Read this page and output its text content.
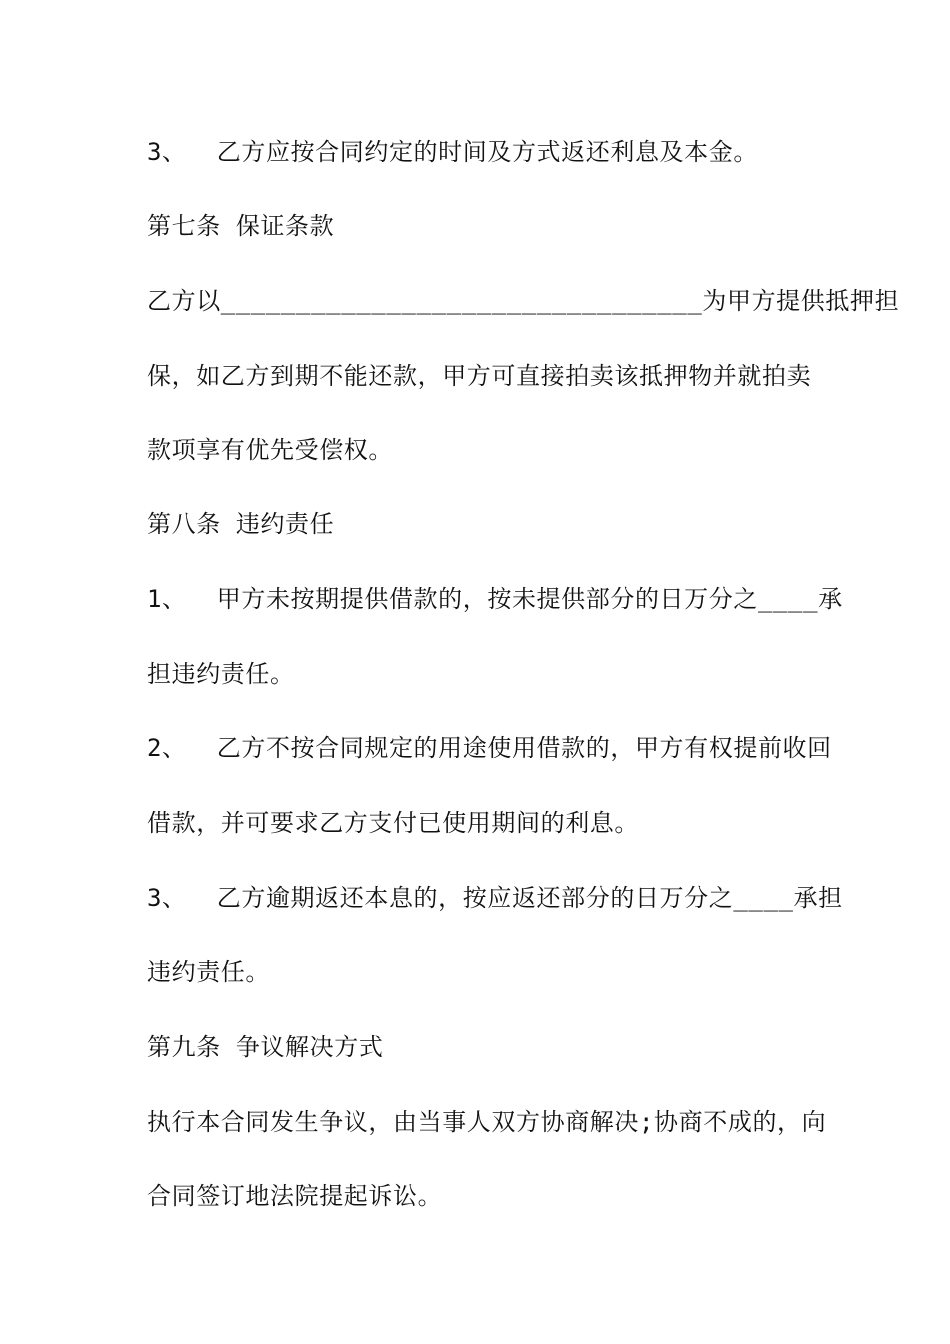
3、  乙方应按合同约定的时间及方式返还利息及本金。
第七条 保证条款
乙方以________________________________为甲方提供抵押担
保，如乙方到期不能还款，甲方可直接拍卖该抵押物并就拍卖
款项享有优先受偿权。
第八条 违约责任
1、  甲方未按期提供借款的，按未提供部分的日万分之____承
担违约责任。
2、  乙方不按合同规定的用途使用借款的，甲方有权提前收回
借款，并可要求乙方支付已使用期间的利息。
3、  乙方逾期返还本息的，按应返还部分的日万分之____承担
违约责任。
第九条 争议解决方式
执行本合同发生争议，由当事人双方协商解决;协商不成的，向
合同签订地法院提起诉讼。
